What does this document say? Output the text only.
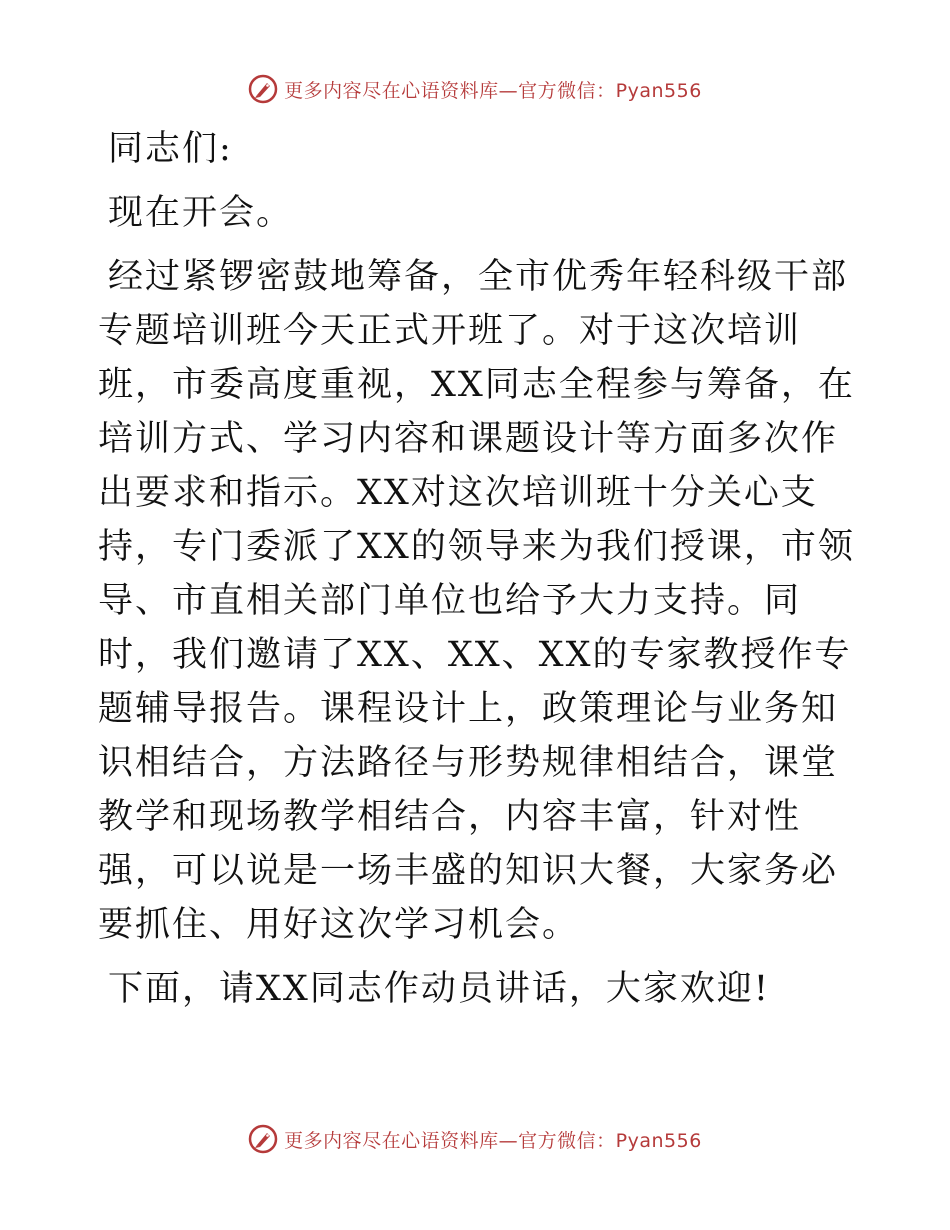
更多内容尽在心语资料库—官方微信：Pyan556

同志们:

现在开会。

经过紧锣密鼓地筹备，全市优秀年轻科级干部专题培训班今天正式开班了。对于这次培训班，市委高度重视，XX同志全程参与筹备，在培训方式、学习内容和课题设计等方面多次作出要求和指示。XX对这次培训班十分关心支持，专门委派了XX的领导来为我们授课，市领导、市直相关部门单位也给予大力支持。同时，我们邀请了XX、XX、XX的专家教授作专题辅导报告。课程设计上，政策理论与业务知识相结合，方法路径与形势规律相结合，课堂教学和现场教学相结合，内容丰富，针对性强，可以说是一场丰盛的知识大餐，大家务必要抓住、用好这次学习机会。

下面，请XX同志作动员讲话，大家欢迎!

更多内容尽在心语资料库—官方微信：Pyan556
